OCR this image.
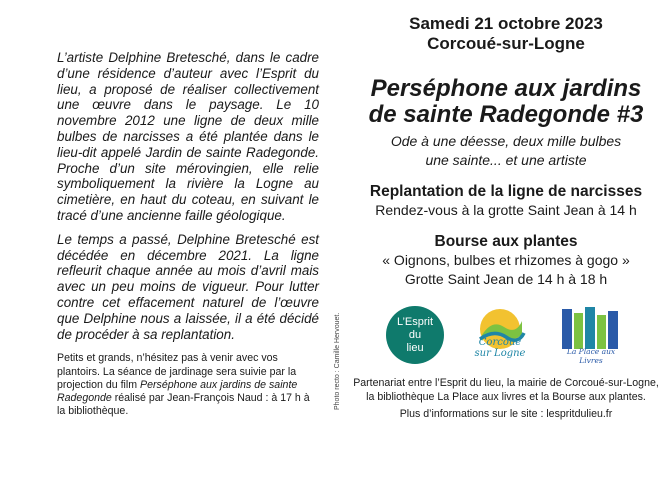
L’artiste Delphine Bretesché, dans le cadre d’une résidence d’auteur avec l’Esprit du lieu, a proposé de réaliser collectivement une œuvre dans le paysage. Le 10 novembre 2012 une ligne de deux mille bulbes de narcisses a été plantée dans le lieu-dit appelé Jardin de sainte Radegonde. Proche d’un site mérovingien, elle relie symboliquement la rivière la Logne au cimetière, en haut du coteau, en suivant le tracé d’une ancienne faille géologique.

Le temps a passé, Delphine Bretesché est décédée en décembre 2021. La ligne refleurit chaque année au mois d’avril mais avec un peu moins de vigueur. Pour lutter contre cet effacement naturel de l’œuvre que Delphine nous a laissée, il a été décidé de procéder à sa replantation.

Petits et grands, n’hésitez pas à venir avec vos plantoirs. La séance de jardinage sera suivie par la projection du film Perséphone aux jardins de sainte Radegonde réalisé par Jean-François Naud : à 17 h à la bibliothèque.
Photo recto : Camille Hervouet.
Samedi 21 octobre 2023
Corcoué-sur-Logne
Perséphone aux jardins
de sainte Radegonde #3
Ode à une déesse, deux mille bulbes
une sainte... et une artiste
Replantation de la ligne de narcisses
Rendez-vous à la grotte Saint Jean à 14 h
Bourse aux plantes
« Oignons, bulbes et rhizomes à gogo »
Grotte Saint Jean de 14 h à 18 h
L’Esprit
du
lieu	Corcoué sur Logne	La Place aux Livres
Partenariat entre l’Esprit du lieu, la mairie de Corcoué-sur-Logne,
la bibliothèque La Place aux livres et la Bourse aux plantes.
Plus d’informations sur le site : lespritdulieu.fr
